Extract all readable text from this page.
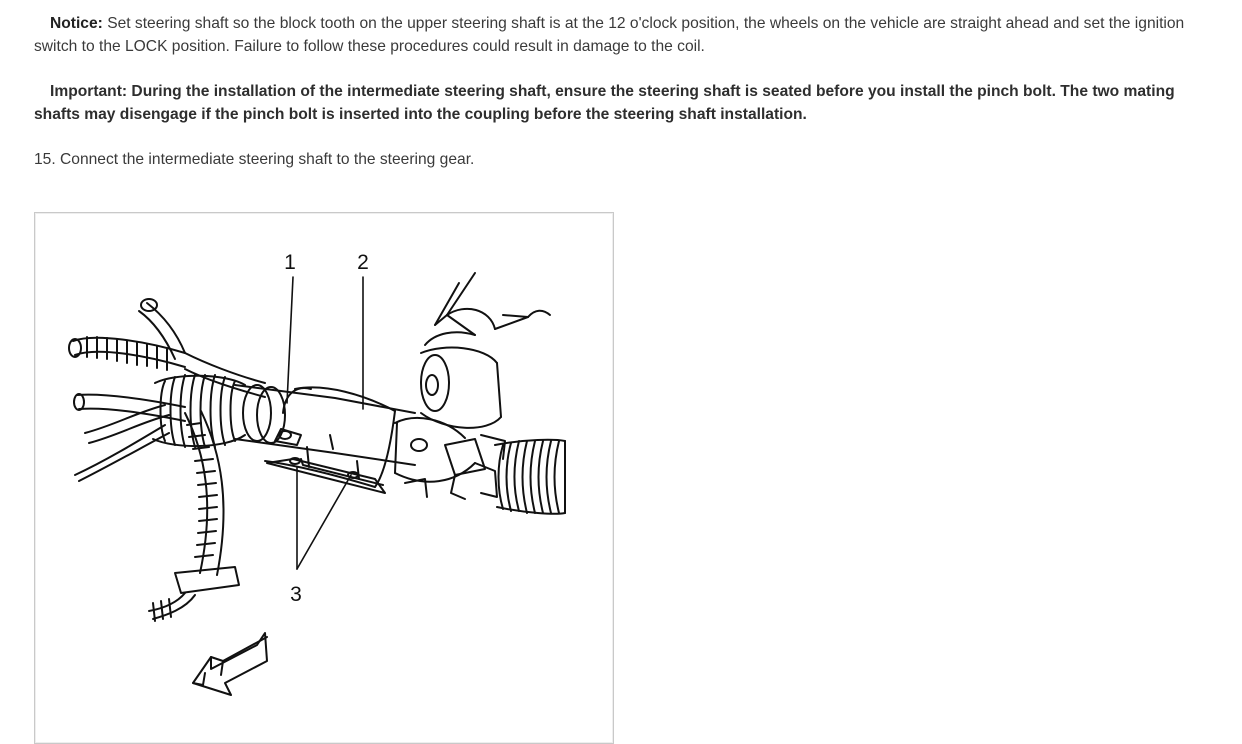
Notice: Set steering shaft so the block tooth on the upper steering shaft is at the 12 o'clock position, the wheels on the vehicle are straight ahead and set the ignition switch to the LOCK position. Failure to follow these procedures could result in damage to the coil.

Important: During the installation of the intermediate steering shaft, ensure the steering shaft is seated before you install the pinch bolt. The two mating shafts may disengage if the pinch bolt is inserted into the coupling before the steering shaft installation.

15. Connect the intermediate steering shaft to the steering gear.

1	2
3
